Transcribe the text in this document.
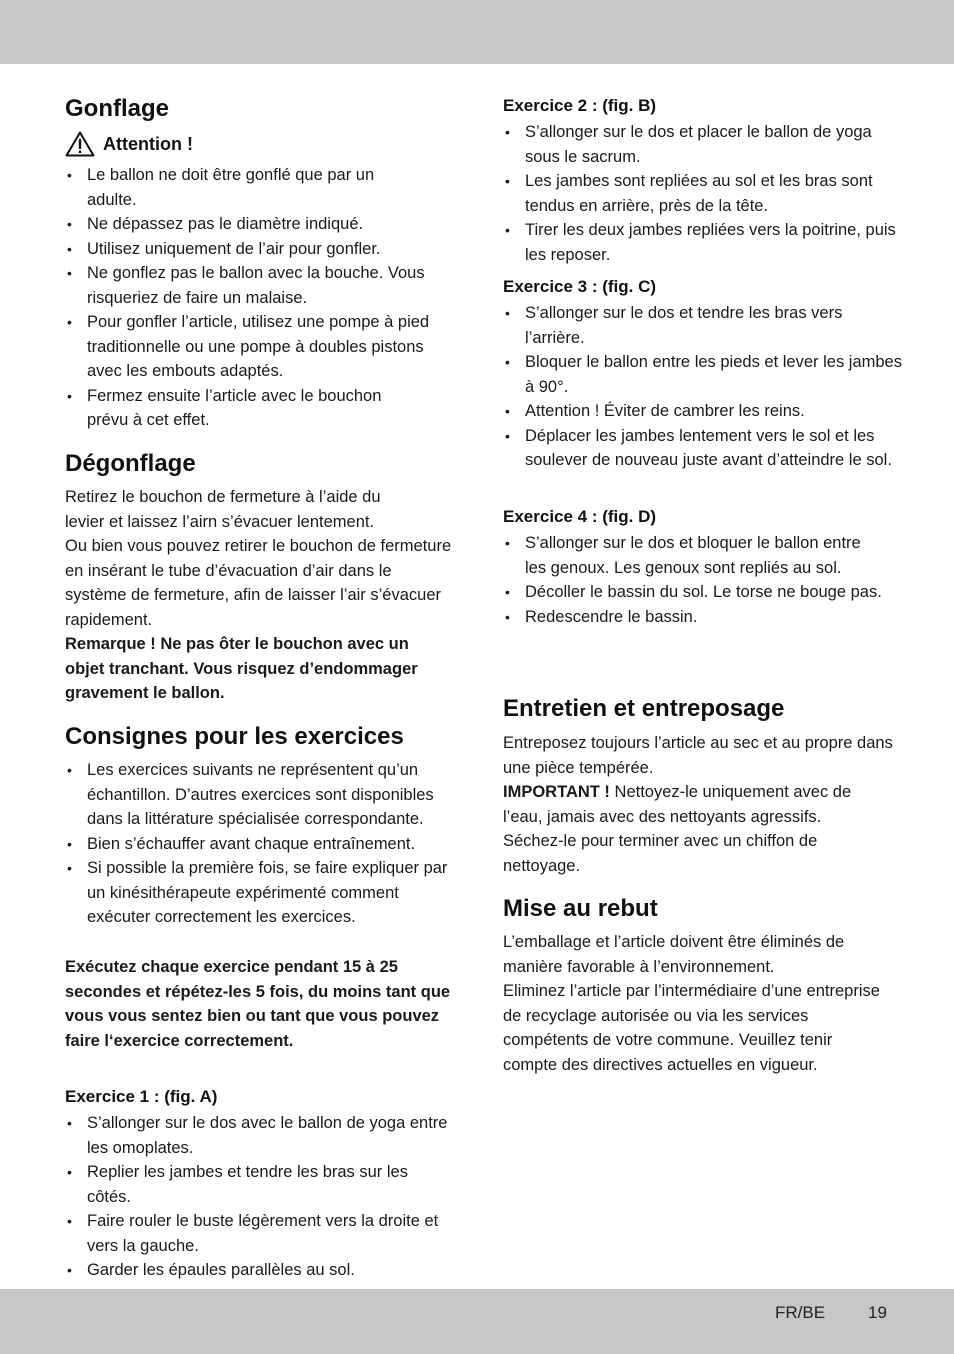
Gonflage
Attention !
• Le ballon ne doit être gonflé que par un adulte.
• Ne dépassez pas le diamètre indiqué.
• Utilisez uniquement de l’air pour gonfler.
• Ne gonflez pas le ballon avec la bouche. Vous risqueriez de faire un malaise.
• Pour gonfler l’article, utilisez une pompe à pied traditionnelle ou une pompe à doubles pistons avec les embouts adaptés.
• Fermez ensuite l’article avec le bouchon prévu à cet effet.
Dégonflage

Retirez le bouchon de fermeture à l’aide du levier et laissez l’airn s’évacuer lentement.

Ou bien vous pouvez retirer le bouchon de fermeture en insérant le tube d’évacuation d’air dans le système de fermeture, afin de laisser l’air s’évacuer rapidement.

Remarque ! Ne pas ôter le bouchon avec un objet tranchant. Vous risquez d’endommager gravement le ballon.

Consignes pour les exercices
• Les exercices suivants ne représentent qu’un échantillon. D’autres exercices sont disponibles dans la littérature spécialisée correspondante.
• Bien s’échauffer avant chaque entraînement.
• Si possible la première fois, se faire expliquer par un kinésithérapeute expérimenté comment exécuter correctement les exercices.

Exécutez chaque exercice pendant 15 à 25 secondes et répétez-les 5 fois, du moins tant que vous vous sentez bien ou tant que vous pouvez faire l‘exercice correctement.

Exercice 1 : (fig. A)
• S’allonger sur le dos avec le ballon de yoga entre les omoplates.
• Replier les jambes et tendre les bras sur les côtés.
• Faire rouler le buste légèrement vers la droite et vers la gauche.
• Garder les épaules parallèles au sol.
Exercice 2 : (fig. B)
• S’allonger sur le dos et placer le ballon de yoga sous le sacrum.
• Les jambes sont repliées au sol et les bras sont tendus en arrière, près de la tête.
• Tirer les deux jambes repliées vers la poitrine, puis les reposer.
Exercice 3 : (fig. C)
• S’allonger sur le dos et tendre les bras vers l’arrière.
• Bloquer le ballon entre les pieds et lever les jambes à 90°.
• Attention ! Éviter de cambrer les reins.
• Déplacer les jambes lentement vers le sol et les soulever de nouveau juste avant d’atteindre le sol.
Exercice 4 : (fig. D)
• S’allonger sur le dos et bloquer le ballon entre les genoux. Les genoux sont repliés au sol.
• Décoller le bassin du sol. Le torse ne bouge pas.
• Redescendre le bassin.
Entretien et entreposage

Entreposez toujours l’article au sec et au propre dans une pièce tempérée.

IMPORTANT ! Nettoyez-le uniquement avec de l’eau, jamais avec des nettoyants agressifs. Séchez-le pour terminer avec un chiffon de nettoyage.

Mise au rebut

L’emballage et l’article doivent être éliminés de manière favorable à l’environnement.

Eliminez l’article par l’intermédiaire d’une entreprise de recyclage autorisée ou via les services compétents de votre commune. Veuillez tenir compte des directives actuelles en vigueur.

FR/BE	19
